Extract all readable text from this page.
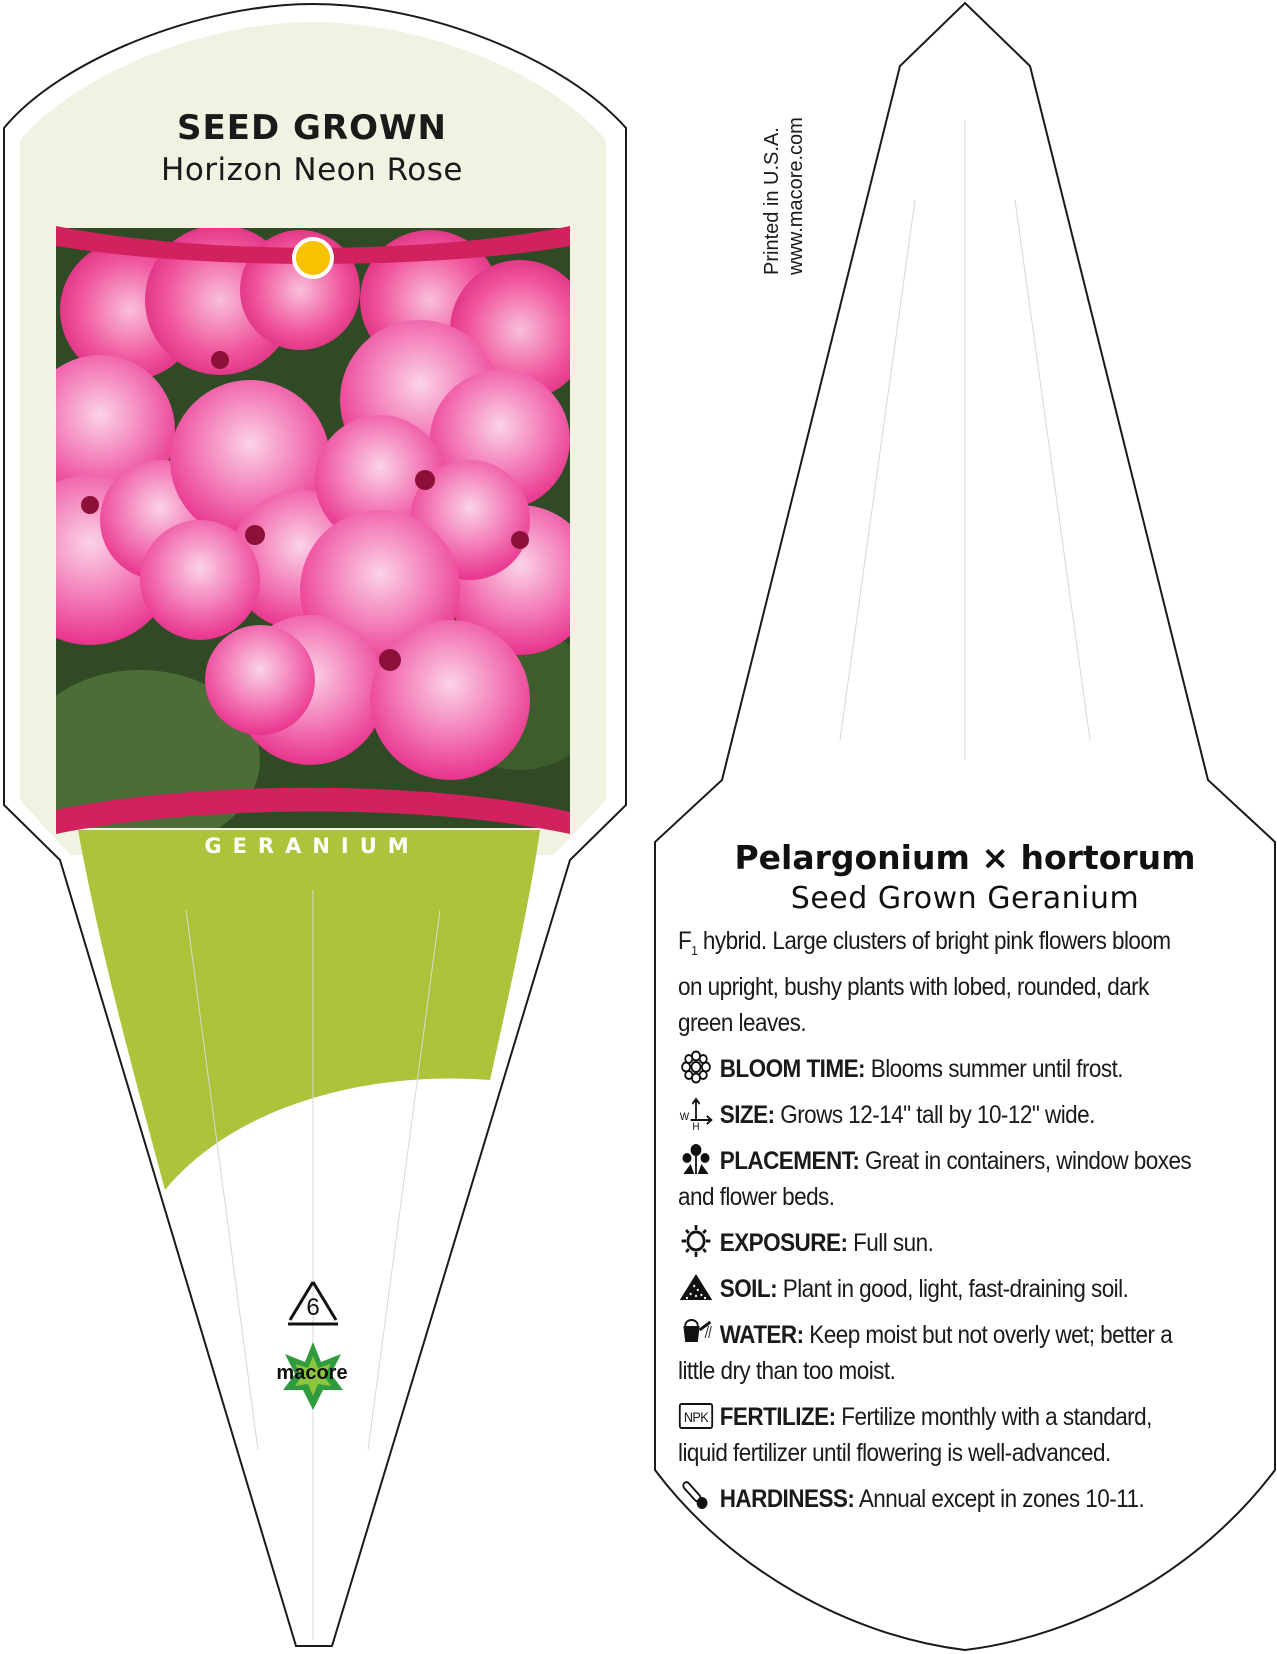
SEED GROWN
Horizon Neon Rose
GERANIUM
6
macore
Printed in U.S.A. www.macore.com
Pelargonium × hortorum
Seed Grown Geranium

$F_1$ hybrid. Large clusters of bright pink flowers bloom on upright, bushy plants with lobed, rounded, dark green leaves.

BLOOM TIME: Blooms summer until frost.

W
H SIZE: Grows 12-14" tall by 10-12" wide.

PLACEMENT: Great in containers, window boxes and flower beds.

EXPOSURE: Full sun.

SOIL: Plant in good, light, fast-draining soil.

WATER: Keep moist but not overly wet; better a little dry than too moist.

NPK FERTILIZE: Fertilize monthly with a standard, liquid fertilizer until flowering is well-advanced.

HARDINESS: Annual except in zones 10-11.
